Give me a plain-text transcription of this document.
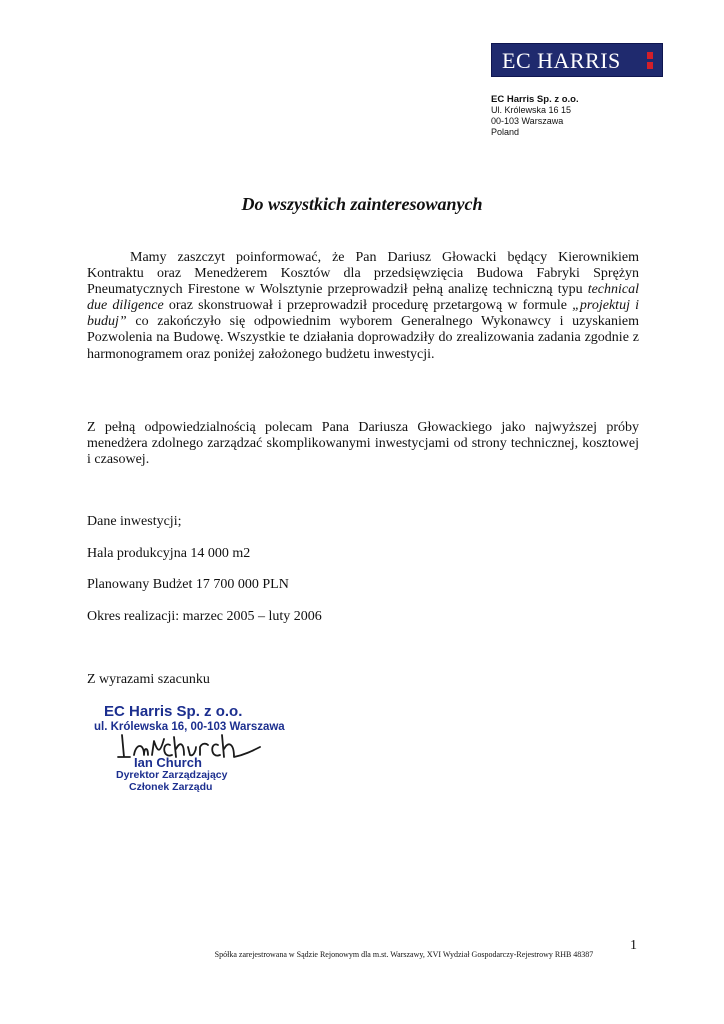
EC HARRIS
EC Harris Sp. z o.o.
Ul. Królewska 16 15
00-103 Warszawa
Poland
Do wszystkich zainteresowanych

Mamy zaszczyt poinformować, że Pan Dariusz Głowacki będący Kierownikiem Kontraktu oraz Menedżerem Kosztów dla przedsięwzięcia Budowa Fabryki Sprężyn Pneumatycznych Firestone w Wolsztynie przeprowadził pełną analizę techniczną typu technical due diligence oraz skonstruował i przeprowadził procedurę przetargową w formule „projektuj i buduj” co zakończyło się odpowiednim wyborem Generalnego Wykonawcy i uzyskaniem Pozwolenia na Budowę. Wszystkie te działania doprowadziły do zrealizowania zadania zgodnie z harmonogramem oraz poniżej założonego budżetu inwestycji.

Z pełną odpowiedzialnością polecam Pana Dariusza Głowackiego jako najwyższej próby menedżera zdolnego zarządzać skomplikowanymi inwestycjami od strony technicznej, kosztowej i czasowej.

Dane inwestycji;
Hala produkcyjna 14 000 m2
Planowany Budżet 17 700 000 PLN
Okres realizacji: marzec 2005 – luty 2006
Z wyrazami szacunku
EC Harris Sp. z o.o.
ul. Królewska 16, 00-103 Warszawa
Ian Church
Dyrektor Zarządzający
Członek Zarządu
1
Spółka zarejestrowana w Sądzie Rejonowym dla m.st. Warszawy, XVI Wydział Gospodarczy-Rejestrowy RHB 48387
